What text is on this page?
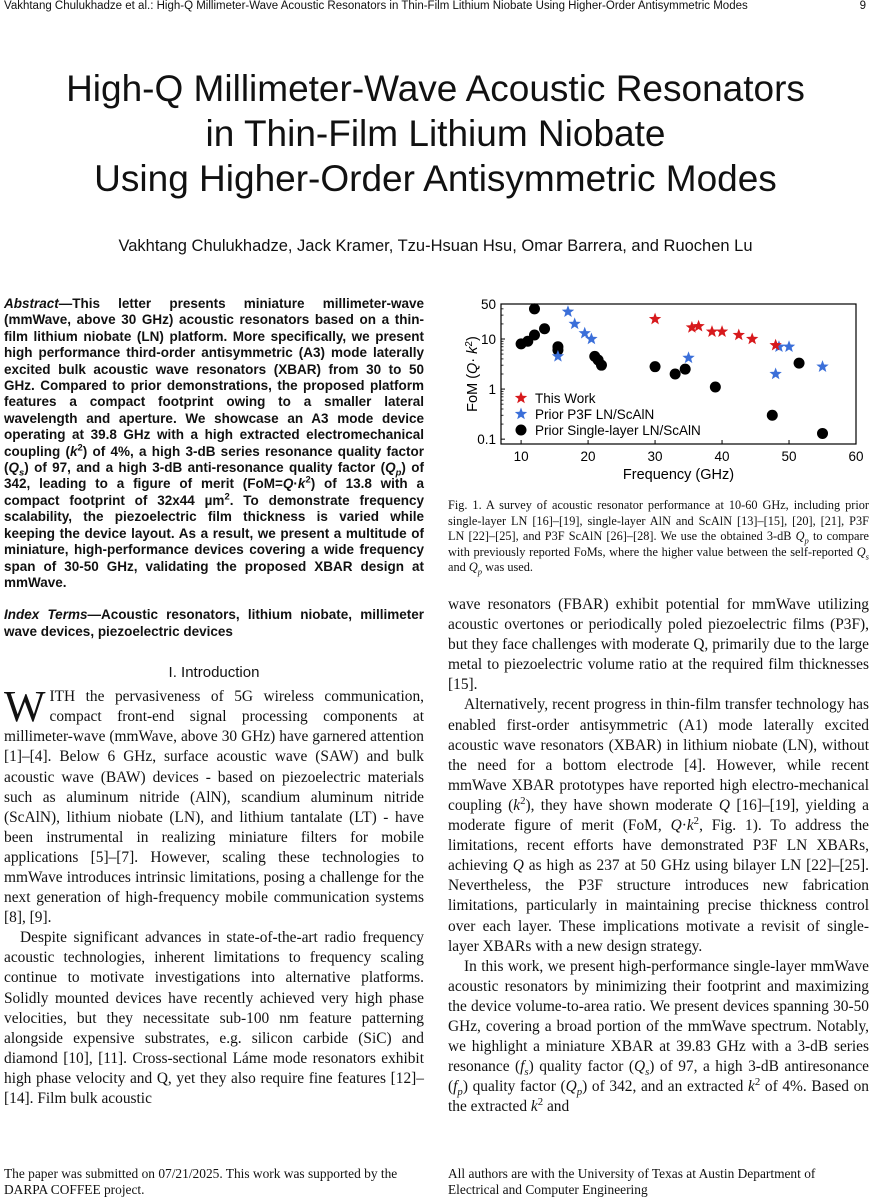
Vakhtang Chulukhadze et al.: High-Q Millimeter-Wave Acoustic Resonators in Thin-Film Lithium Niobate Using Higher-Order Antisymmetric Modes	9
High-Q Millimeter-Wave Acoustic Resonators
in Thin-Film Lithium Niobate
Using Higher-Order Antisymmetric Modes
Vakhtang Chulukhadze, Jack Kramer, Tzu-Hsuan Hsu, Omar Barrera, and Ruochen Lu

Abstract—This letter presents miniature millimeter-wave (mmWave, above 30 GHz) acoustic resonators based on a thin-film lithium niobate (LN) platform. More specifically, we present high performance third-order antisymmetric (A3) mode laterally excited bulk acoustic wave resonators (XBAR) from 30 to 50 GHz. Compared to prior demonstrations, the proposed platform features a compact footprint owing to a smaller lateral wavelength and aperture. We showcase an A3 mode device operating at 39.8 GHz with a high extracted electromechanical coupling $(k^2)$ of 4%, a high 3-dB series resonance quality factor $(Q_s)$ of 97, and a high 3-dB anti-resonance quality factor $(Q_p)$ of 342, leading to a figure of merit $(FoM=Q\cdot k^2)$ of 13.8 with a compact footprint of 32x44 µm$^2$. To demonstrate frequency scalability, the piezoelectric film thickness is varied while keeping the device layout. As a result, we present a multitude of miniature, high-performance devices covering a wide frequency span of 30-50 GHz, validating the proposed XBAR design at mmWave.

Index Terms—Acoustic resonators, lithium niobate, millimeter wave devices, piezoelectric devices

I. Introduction

WITH the pervasiveness of 5G wireless communication, compact front-end signal processing components at millimeter-wave (mmWave, above 30 GHz) have garnered attention [1]–[4]. Below 6 GHz, surface acoustic wave (SAW) and bulk acoustic wave (BAW) devices - based on piezoelectric materials such as aluminum nitride (AlN), scandium aluminum nitride (ScAlN), lithium niobate (LN), and lithium tantalate (LT) - have been instrumental in realizing miniature filters for mobile applications [5]–[7]. However, scaling these technologies to mmWave introduces intrinsic limitations, posing a challenge for the next generation of high-frequency mobile communication systems [8], [9].

Despite significant advances in state-of-the-art radio frequency acoustic technologies, inherent limitations to frequency scaling continue to motivate investigations into alternative platforms. Solidly mounted devices have recently achieved very high phase velocities, but they necessitate sub-100 nm feature patterning alongside expensive substrates, e.g. silicon carbide (SiC) and diamond [10], [11]. Cross-sectional Láme mode resonators exhibit high phase velocity and Q, yet they also require fine features [12]–[14]. Film bulk acoustic

0.1
1
10
50
10	20	30	40	50	60
Frequency (GHz)
FoM $(Q\cdot k^2)$
This Work
Prior P3F LN/ScAlN
Prior Single-layer LN/ScAlN

Fig. 1. A survey of acoustic resonator performance at 10-60 GHz, including prior single-layer LN [16]–[19], single-layer AlN and ScAlN [13]–[15], [20], [21], P3F LN [22]–[25], and P3F ScAlN [26]–[28]. We use the obtained 3-dB $Q_p$ to compare with previously reported FoMs, where the higher value between the self-reported $Q_s$ and $Q_p$ was used.

wave resonators (FBAR) exhibit potential for mmWave utilizing acoustic overtones or periodically poled piezoelectric films (P3F), but they face challenges with moderate Q, primarily due to the large metal to piezoelectric volume ratio at the required film thicknesses [15].

Alternatively, recent progress in thin-film transfer technology has enabled first-order antisymmetric (A1) mode laterally excited acoustic wave resonators (XBAR) in lithium niobate (LN), without the need for a bottom electrode [4]. However, while recent mmWave XBAR prototypes have reported high electro-mechanical coupling $(k^2)$, they have shown moderate Q [16]–[19], yielding a moderate figure of merit (FoM, $Q\cdot k^2$, Fig. 1). To address the limitations, recent efforts have demonstrated P3F LN XBARs, achieving Q as high as 237 at 50 GHz using bilayer LN [22]–[25]. Nevertheless, the P3F structure introduces new fabrication limitations, particularly in maintaining precise thickness control over each layer. These implications motivate a revisit of single-layer XBARs with a new design strategy.

In this work, we present high-performance single-layer mmWave acoustic resonators by minimizing their footprint and maximizing the device volume-to-area ratio. We present devices spanning 30-50 GHz, covering a broad portion of the mmWave spectrum. Notably, we highlight a miniature XBAR at 39.83 GHz with a 3-dB series resonance $(f_s)$ quality factor $(Q_s)$ of 97, a high 3-dB antiresonance $(f_p)$ quality factor $(Q_p)$ of 342, and an extracted $k^2$ of 4%. Based on the extracted $k^2$ and

The paper was submitted on 07/21/2025. This work was supported by the DARPA COFFEE project.
All authors are with the University of Texas at Austin Department of Electrical and Computer Engineering
